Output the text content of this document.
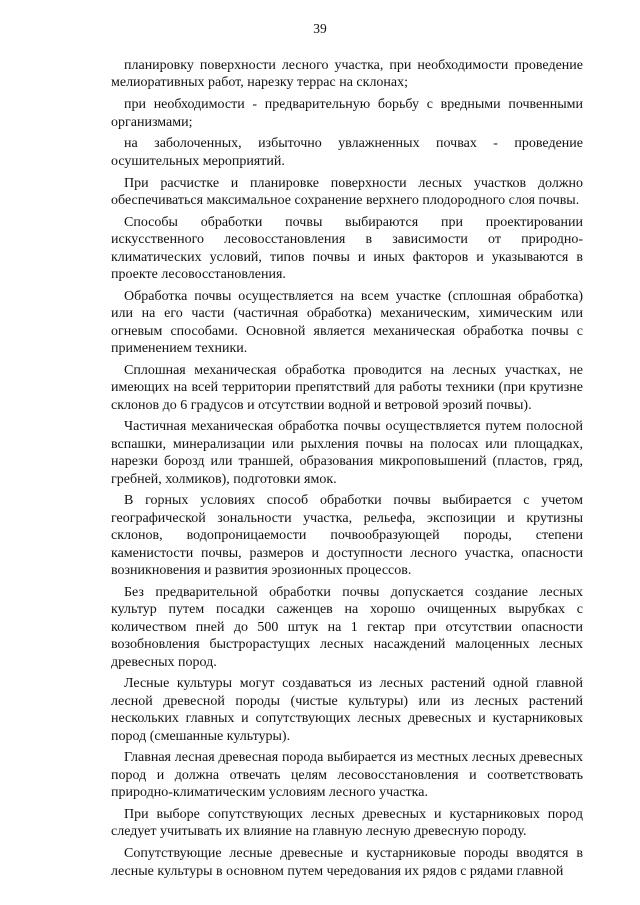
39

планировку поверхности лесного участка, при необходимости проведение мелиоративных работ, нарезку террас на склонах;

при необходимости - предварительную борьбу с вредными почвенными организмами;

на заболоченных, избыточно увлажненных почвах - проведение осушительных мероприятий.

При расчистке и планировке поверхности лесных участков должно обеспечиваться максимальное сохранение верхнего плодородного слоя почвы.

Способы обработки почвы выбираются при проектировании искусственного лесовосстановления в зависимости от природно-климатических условий, типов почвы и иных факторов и указываются в проекте лесовосстановления.

Обработка почвы осуществляется на всем участке (сплошная обработка) или на его части (частичная обработка) механическим, химическим или огневым способами. Основной является механическая обработка почвы с применением техники.

Сплошная механическая обработка проводится на лесных участках, не имеющих на всей территории препятствий для работы техники (при крутизне склонов до 6 градусов и отсутствии водной и ветровой эрозий почвы).

Частичная механическая обработка почвы осуществляется путем полосной вспашки, минерализации или рыхления почвы на полосах или площадках, нарезки борозд или траншей, образования микроповышений (пластов, гряд, гребней, холмиков), подготовки ямок.

В горных условиях способ обработки почвы выбирается с учетом географической зональности участка, рельефа, экспозиции и крутизны склонов, водопроницаемости почвообразующей породы, степени каменистости почвы, размеров и доступности лесного участка, опасности возникновения и развития эрозионных процессов.

Без предварительной обработки почвы допускается создание лесных культур путем посадки саженцев на хорошо очищенных вырубках с количеством пней до 500 штук на 1 гектар при отсутствии опасности возобновления быстрорастущих лесных насаждений малоценных лесных древесных пород.

Лесные культуры могут создаваться из лесных растений одной главной лесной древесной породы (чистые культуры) или из лесных растений нескольких главных и сопутствующих лесных древесных и кустарниковых пород (смешанные культуры).

Главная лесная древесная порода выбирается из местных лесных древесных пород и должна отвечать целям лесовосстановления и соответствовать природно-климатическим условиям лесного участка.

При выборе сопутствующих лесных древесных и кустарниковых пород следует учитывать их влияние на главную лесную древесную породу.

Сопутствующие лесные древесные и кустарниковые породы вводятся в лесные культуры в основном путем чередования их рядов с рядами главной
